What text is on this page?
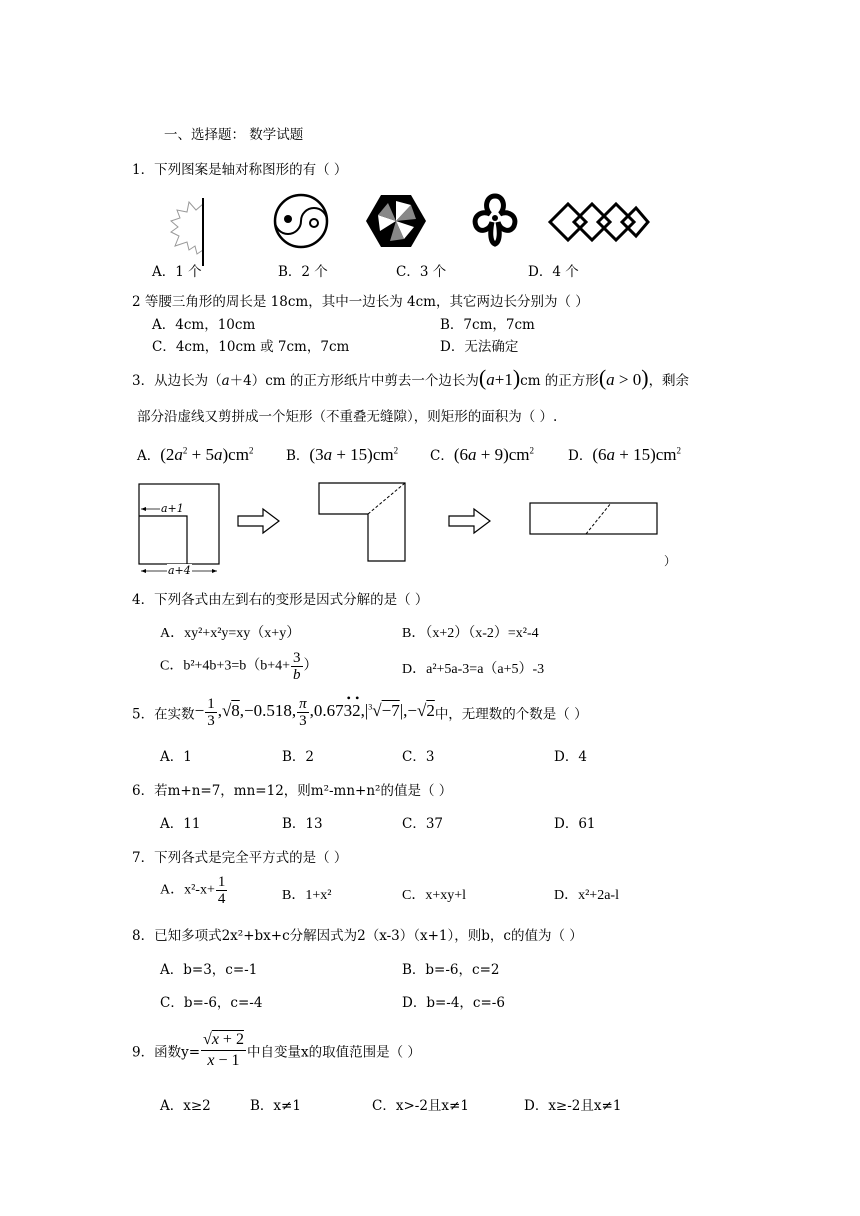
一、选择题： 数学试题
1．下列图案是轴对称图形的有（ ）
A．1 个	B．2 个	C．3 个	D．4 个
2 等腰三角形的周长是 18cm，其中一边长为 4cm，其它两边长分别为（ ）
A．4cm，10cm	B．7cm，7cm
C．4cm，10cm 或 7cm，7cm	D．无法确定
3．从边长为（a＋4）cm 的正方形纸片中剪去一个边长为(a+1)cm 的正方形(a > 0)，剩余
部分沿虚线又剪拼成一个矩形（不重叠无缝隙），则矩形的面积为（ ）.
A．$(2a^2 + 5a)cm^2$ B．$(3a + 15)cm^2$ C．$(6a + 9)cm^2$	D．$(6a + 15)cm^2$
a+1
a+4
）
4．下列各式由左到右的变形是因式分解的是（ ）
A．xy²+x²y=xy（x+y）	B．（x+2）（x-2）=x²-4
C．$b^2+4b+3=b(b+4+ \frac{3}{b}$ ）	D．a²+5a-3=a（a+5）-3
5．在实数− $\frac{1}{3} ,√8,-0.518$, $\frac{\pi}{3} ,0.673$
•
2
•
$,|^3√-7|,-√2$中，无理数的个数是（ ）
A．1	B．2	C．3	D．4
6．若m+n=7，mn=12，则m²-mn+n²的值是（ ）
A．11	B．13	C．37	D．61
7．下列各式是完全平方式的是（ ）
A．$x^2-x+ \frac{1}{4}$	B．1+x²	C．x+xy+l	D．x²+2a-l
8．已知多项式2x²+bx+c分解因式为2（x-3）（x+1），则b，c的值为（ ）
A．b=3，c=-1	B．b=-6，c=2
C．b=-6，c=-4	D．b=-4，c=-6
9．函数$y= \frac{√x + 2}{x - 1}$ 中自变量x的取值范围是（ ）
A．x≥2	B．x≠1	C．x>-2且x≠1	D．x≥-2且x≠1
